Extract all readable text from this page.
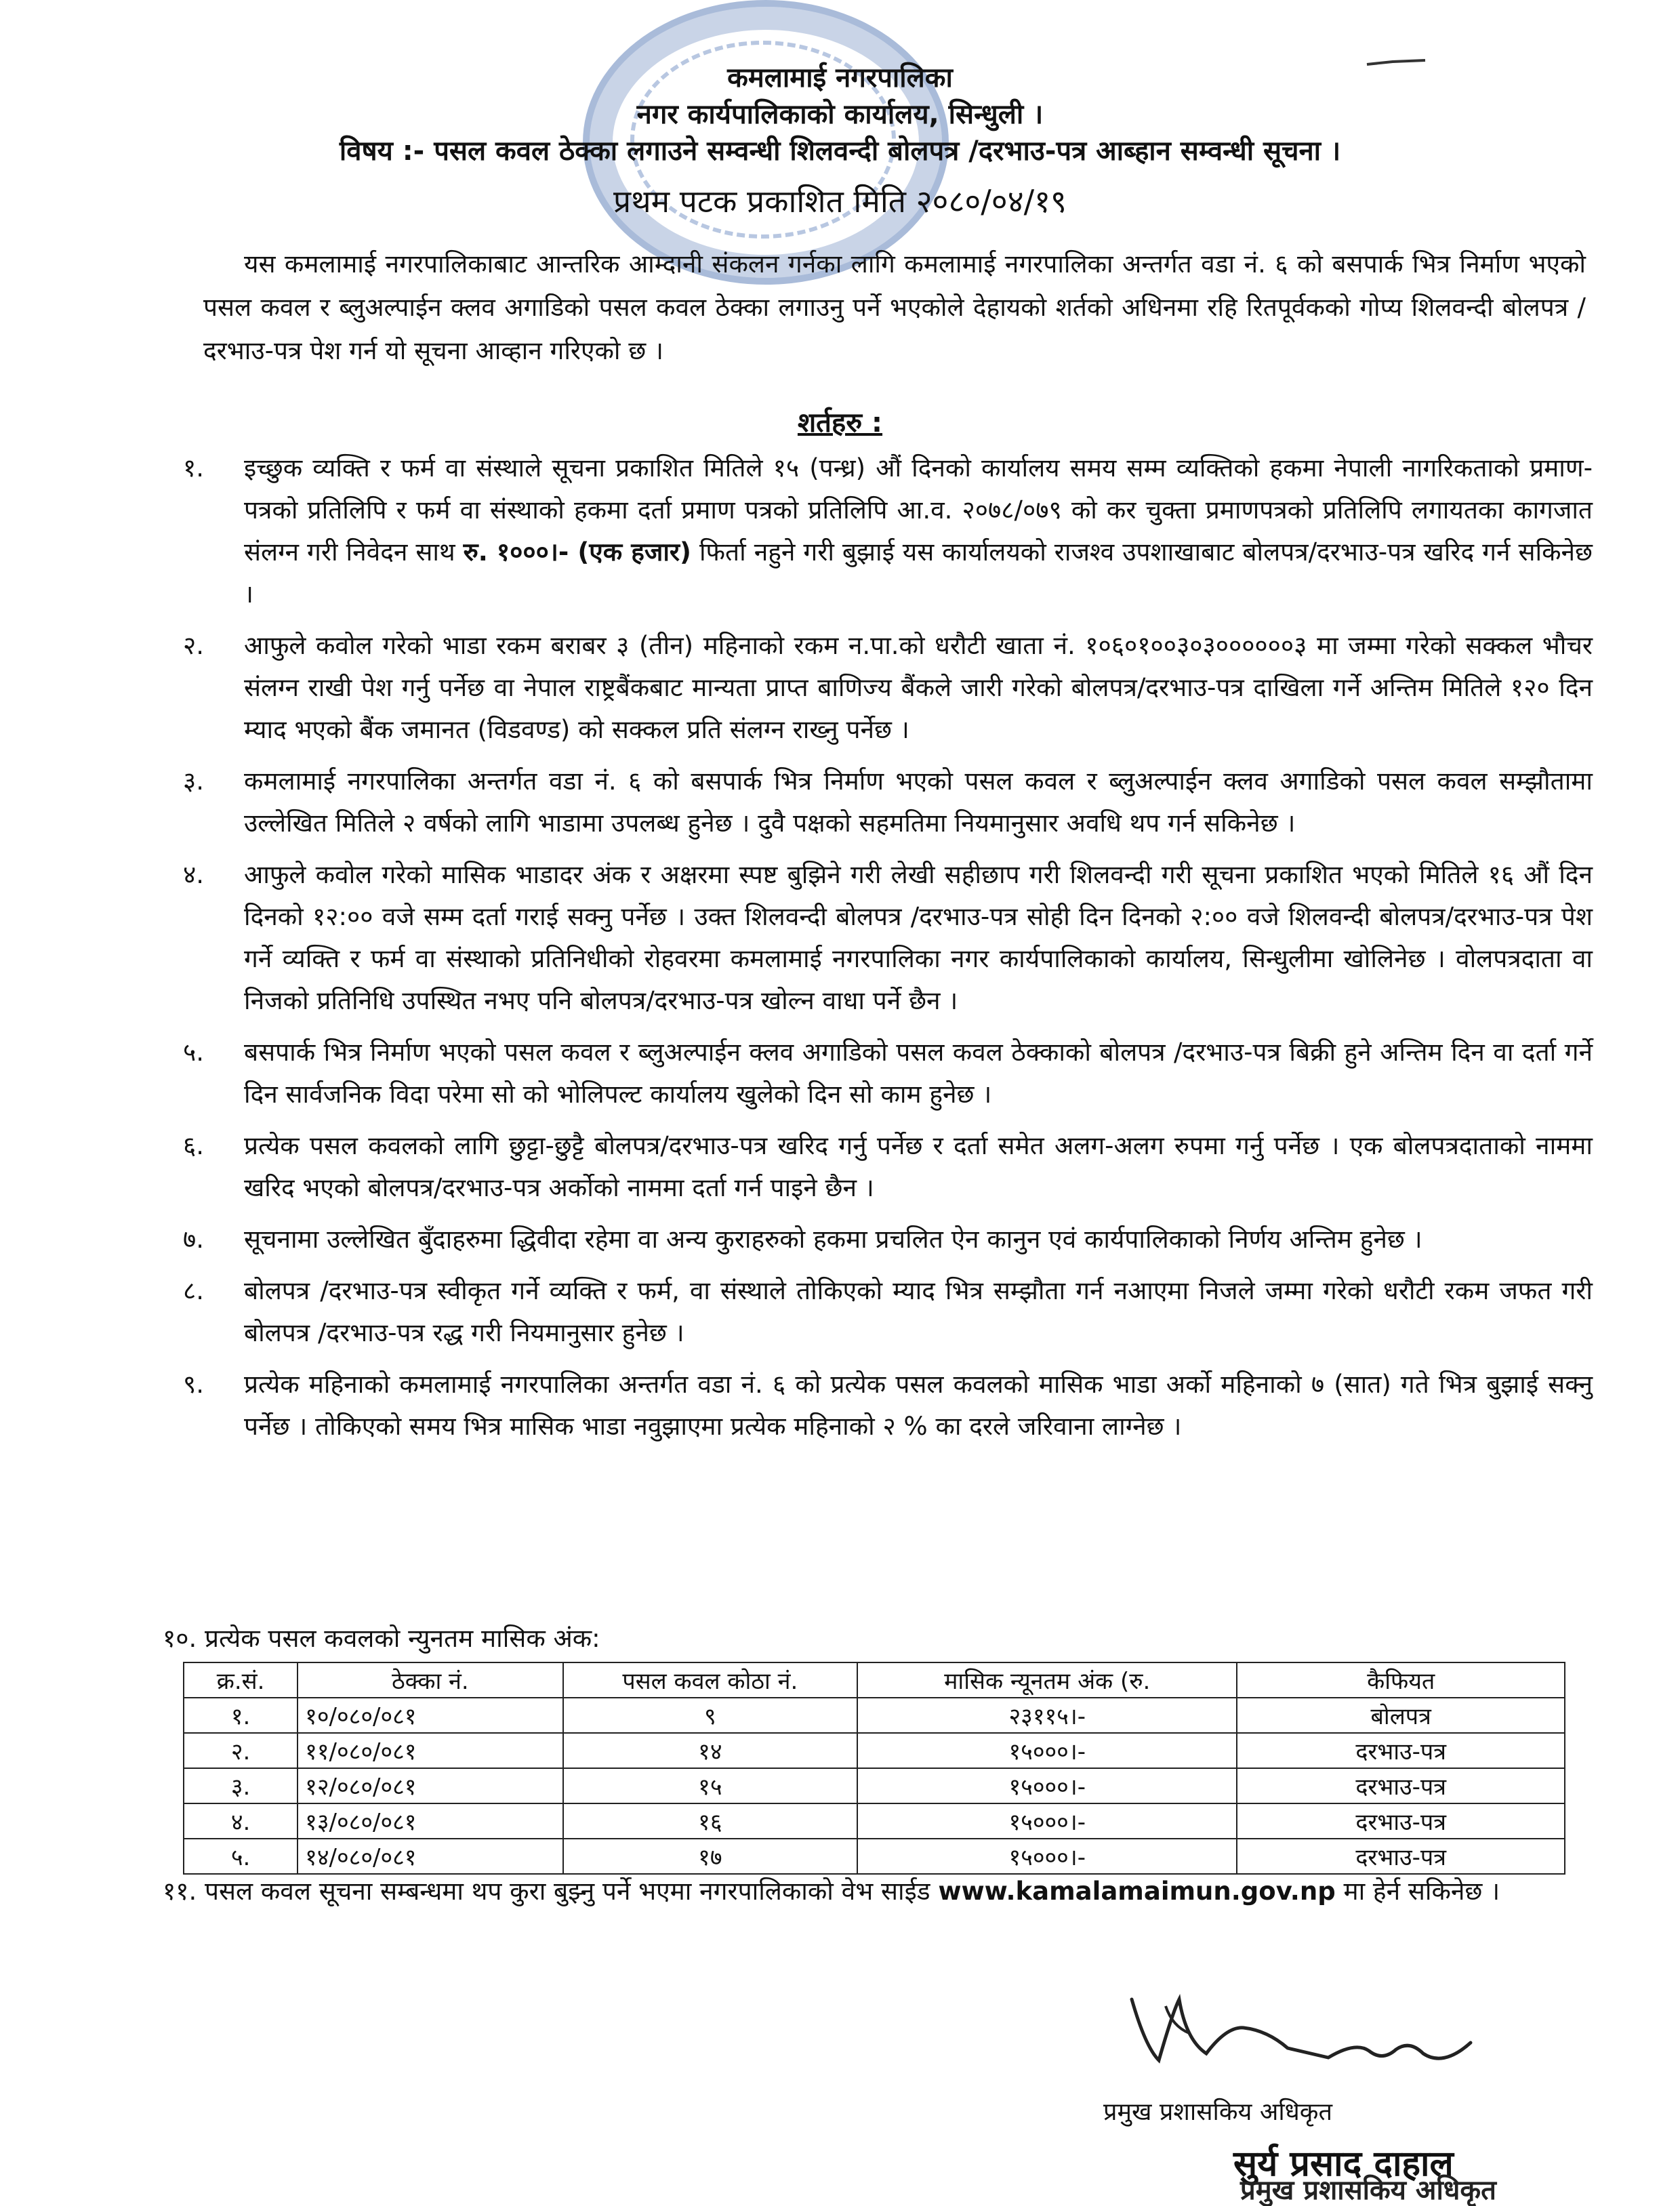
कमलामाई नगरपालिका
नगर कार्यपालिकाको कार्यालय, सिन्धुली ।
विषय :- पसल कवल ठेक्का लगाउने सम्वन्धी शिलवन्दी बोलपत्र /दरभाउ-पत्र आब्हान सम्वन्धी सूचना ।
प्रथम पटक प्रकाशित मिति २०८०/०४/१९
यस कमलामाई नगरपालिकाबाट आन्तरिक आम्दानी संकलन गर्नका लागि कमलामाई नगरपालिका अन्तर्गत वडा नं. ६ को बसपार्क भित्र निर्माण भएको पसल कवल र ब्लुअल्पाईन क्लव अगाडिको पसल कवल ठेक्का लगाउनु पर्ने भएकोले देहायको शर्तको अधिनमा रहि रितपूर्वकको गोप्य शिलवन्दी बोलपत्र /दरभाउ-पत्र पेश गर्न यो सूचना आव्हान गरिएको छ ।
शर्तहरु :
१.	इच्छुक व्यक्ति र फर्म वा संस्थाले सूचना प्रकाशित मितिले १५ (पन्ध्र) औं दिनको कार्यालय समय सम्म व्यक्तिको हकमा नेपाली नागरिकताको प्रमाण-पत्रको प्रतिलिपि र फर्म वा संस्थाको हकमा दर्ता प्रमाण पत्रको प्रतिलिपि आ.व. २०७८/०७९ को कर चुक्ता प्रमाणपत्रको प्रतिलिपि लगायतका कागजात संलग्न गरी निवेदन साथ रु. १०००।- (एक हजार) फिर्ता नहुने गरी बुझाई यस कार्यालयको राजश्व उपशाखाबाट बोलपत्र/दरभाउ-पत्र खरिद गर्न सकिनेछ ।
२.	आफुले कवोल गरेको भाडा रकम बराबर ३ (तीन) महिनाको रकम न.पा.को धरौटी खाता नं. १०६०१००३०३००००००३ मा जम्मा गरेको सक्कल भौचर संलग्न राखी पेश गर्नु पर्नेछ वा नेपाल राष्ट्रबैंकबाट मान्यता प्राप्त बाणिज्य बैंकले जारी गरेको बोलपत्र/दरभाउ-पत्र दाखिला गर्ने अन्तिम मितिले १२० दिन म्याद भएको बैंक जमानत (विडवण्ड) को सक्कल प्रति संलग्न राख्नु पर्नेछ ।
३.	कमलामाई नगरपालिका अन्तर्गत वडा नं. ६ को बसपार्क भित्र निर्माण भएको पसल कवल र ब्लुअल्पाईन क्लव अगाडिको पसल कवल सम्झौतामा उल्लेखित मितिले २ वर्षको लागि भाडामा उपलब्ध हुनेछ । दुवै पक्षको सहमतिमा नियमानुसार अवधि थप गर्न सकिनेछ ।
४.	आफुले कवोल गरेको मासिक भाडादर अंक र अक्षरमा स्पष्ट बुझिने गरी लेखी सहीछाप गरी शिलवन्दी गरी सूचना प्रकाशित भएको मितिले १६ औं दिन दिनको १२:०० वजे सम्म दर्ता गराई सक्नु पर्नेछ । उक्त शिलवन्दी बोलपत्र /दरभाउ-पत्र सोही दिन दिनको २:०० वजे शिलवन्दी बोलपत्र/दरभाउ-पत्र पेश गर्ने व्यक्ति र फर्म वा संस्थाको प्रतिनिधीको रोहवरमा कमलामाई नगरपालिका नगर कार्यपालिकाको कार्यालय, सिन्धुलीमा खोलिनेछ । वोलपत्रदाता वा निजको प्रतिनिधि उपस्थित नभए पनि बोलपत्र/दरभाउ-पत्र खोल्न वाधा पर्ने छैन ।
५.	बसपार्क भित्र निर्माण भएको पसल कवल र ब्लुअल्पाईन क्लव अगाडिको पसल कवल ठेक्काको बोलपत्र /दरभाउ-पत्र बिक्री हुने अन्तिम दिन वा दर्ता गर्ने दिन सार्वजनिक विदा परेमा सो को भोलिपल्ट कार्यालय खुलेको दिन सो काम हुनेछ ।
६.	प्रत्येक पसल कवलको लागि छुट्टा-छुट्टै बोलपत्र/दरभाउ-पत्र खरिद गर्नु पर्नेछ र दर्ता समेत अलग-अलग रुपमा गर्नु पर्नेछ । एक बोलपत्रदाताको नाममा खरिद भएको बोलपत्र/दरभाउ-पत्र अर्कोको नाममा दर्ता गर्न पाइने छैन ।
७.	सूचनामा उल्लेखित बुँदाहरुमा द्धिवीदा रहेमा वा अन्य कुराहरुको हकमा प्रचलित ऐन कानुन एवं कार्यपालिकाको निर्णय अन्तिम हुनेछ ।
८.	बोलपत्र /दरभाउ-पत्र स्वीकृत गर्ने व्यक्ति र फर्म, वा संस्थाले तोकिएको म्याद भित्र सम्झौता गर्न नआएमा निजले जम्मा गरेको धरौटी रकम जफत गरी बोलपत्र /दरभाउ-पत्र रद्ध गरी नियमानुसार हुनेछ ।
९.	प्रत्येक महिनाको कमलामाई नगरपालिका अन्तर्गत वडा नं. ६ को प्रत्येक पसल कवलको मासिक भाडा अर्को महिनाको ७ (सात) गते भित्र बुझाई सक्नु पर्नेछ । तोकिएको समय भित्र मासिक भाडा नवुझाएमा प्रत्येक महिनाको २ % का दरले जरिवाना लाग्नेछ ।
१०. प्रत्येक पसल कवलको न्युनतम मासिक अंक:
क्र.सं.	ठेक्का नं.	पसल कवल कोठा नं.	मासिक न्यूनतम अंक (रु.	कैफियत
१.	१०/०८०/०८१	९	२३११५।-	बोलपत्र
२.	११/०८०/०८१	१४	१५०००।-	दरभाउ-पत्र
३.	१२/०८०/०८१	१५	१५०००।-	दरभाउ-पत्र
४.	१३/०८०/०८१	१६	१५०००।-	दरभाउ-पत्र
५.	१४/०८०/०८१	१७	१५०००।-	दरभाउ-पत्र
११. पसल कवल सूचना सम्बन्धमा थप कुरा बुझ्नु पर्ने भएमा नगरपालिकाको वेभ साईड www.kamalamaimun.gov.np मा हेर्न सकिनेछ ।
प्रमुख प्रशासकिय अधिकृत
सुर्य प्रसाद दाहाल
प्रमुख प्रशासकिय अधिकृत
